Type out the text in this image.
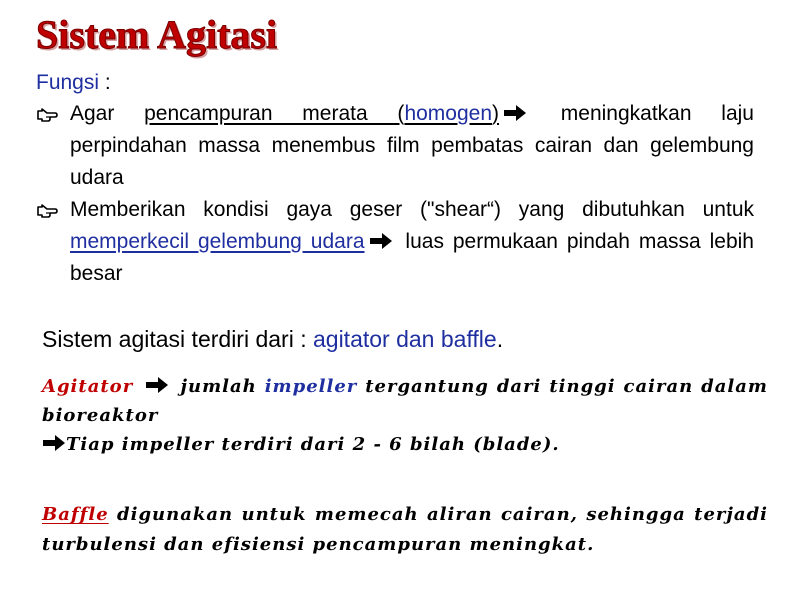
Sistem Agitasi
Fungsi :
Agar pencampuran merata (homogen) meningkatkan laju perpindahan massa menembus film pembatas cairan dan gelembung udara
Memberikan kondisi gaya geser ("shear“) yang dibutuhkan untuk memperkecil gelembung udara luas permukaan pindah massa lebih besar
Sistem agitasi terdiri dari : agitator dan baffle.
Agitator  jumlah impeller tergantung dari tinggi cairan dalam bioreaktor
Tiap impeller terdiri dari 2 - 6 bilah (blade).
Baffle digunakan untuk memecah aliran cairan, sehingga terjadi turbulensi dan efisiensi pencampuran meningkat.
